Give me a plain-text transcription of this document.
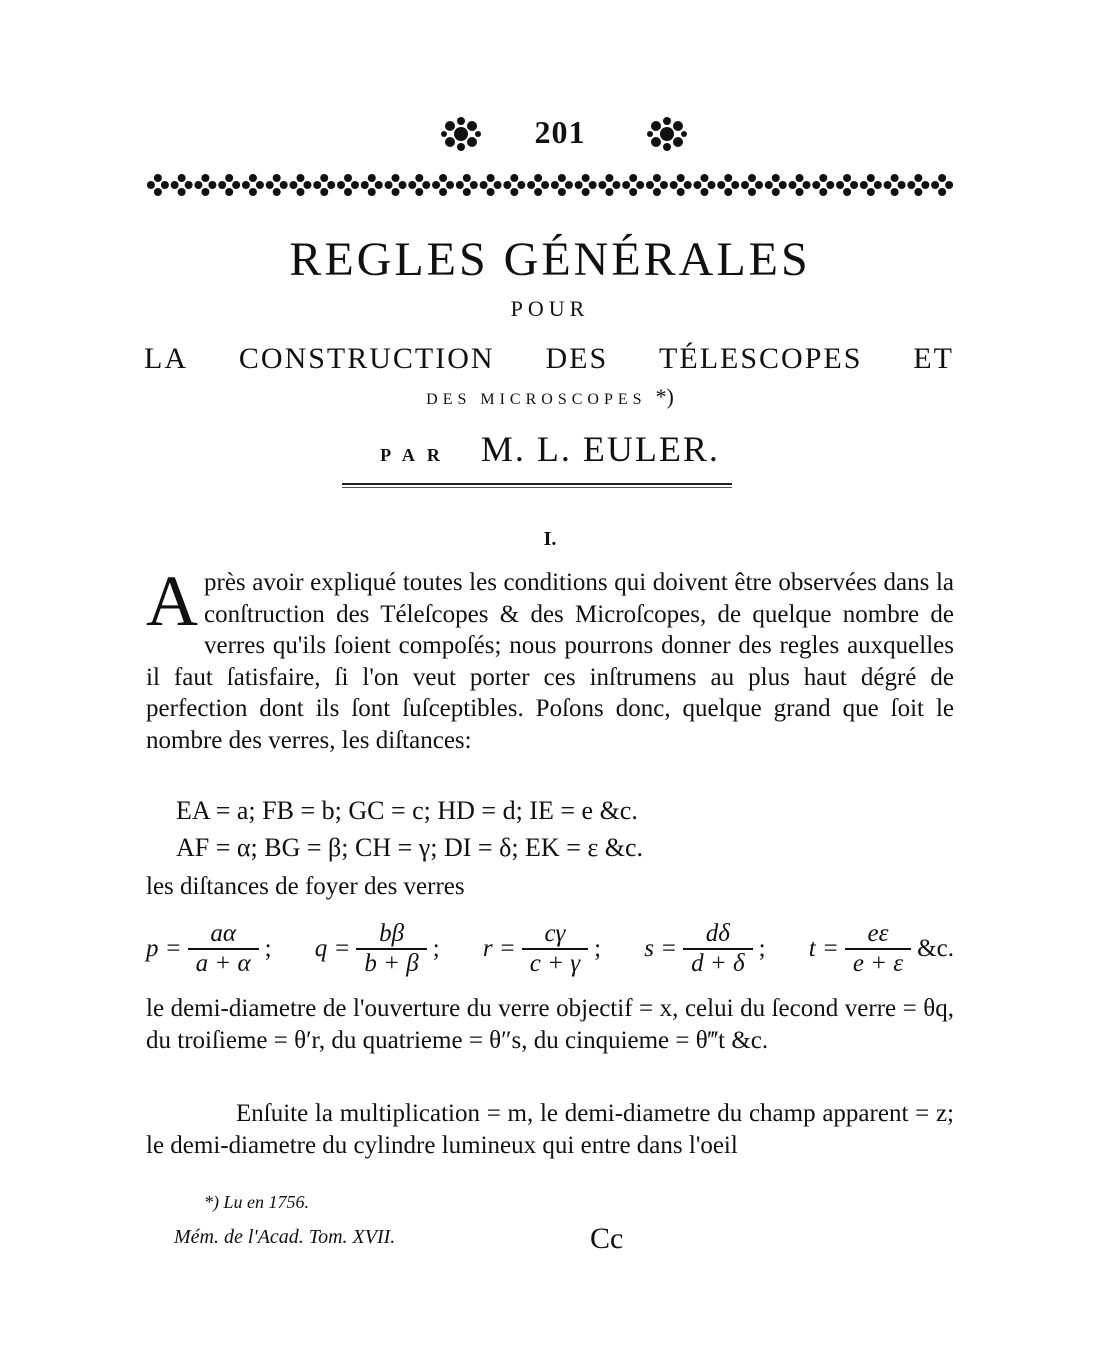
201
REGLES GÉNÉRALES
POUR
LA CONSTRUCTION DES TÉLESCOPES ET
DES MICROSCOPES *)
PAR M. L. EULER.
I.
A près avoir expliqué toutes les conditions qui doivent être observées dans la conſtruction des Téleſcopes & des Microſcopes, de quelque nombre de verres qu'ils ſoient compoſés; nous pourrons donner des regles auxquelles il faut ſatisfaire, ſi l'on veut porter ces inſtrumens au plus haut dégré de perfection dont ils ſont ſuſceptibles. Poſons donc, quelque grand que ſoit le nombre des verres, les diſtances:
EA = a; FB = b; GC = c; HD = d; IE = e &c.
AF = α; BG = β; CH = γ; DI = δ; EK = ε &c.
les diſtances de foyer des verres
$p = \frac{a\alpha}{a + \alpha}$ ; $q = \frac{b\beta}{b + \beta}$ ; $r = \frac{c\gamma}{c + \gamma}$ ; $s = \frac{d\delta}{d + \delta}$ ; $t = \frac{e\varepsilon}{e + \varepsilon}$ &c.
le demi-diametre de l'ouverture du verre objectif = x, celui du ſecond verre = θq, du troiſieme = θ′r, du quatrieme = θ″s, du cinquieme = θ‴t &c.
Enſuite la multiplication = m, le demi-diametre du champ apparent = z; le demi-diametre du cylindre lumineux qui entre dans l'oeil
*) Lu en 1756.
Mém. de l'Acad. Tom. XVII.	Cc
